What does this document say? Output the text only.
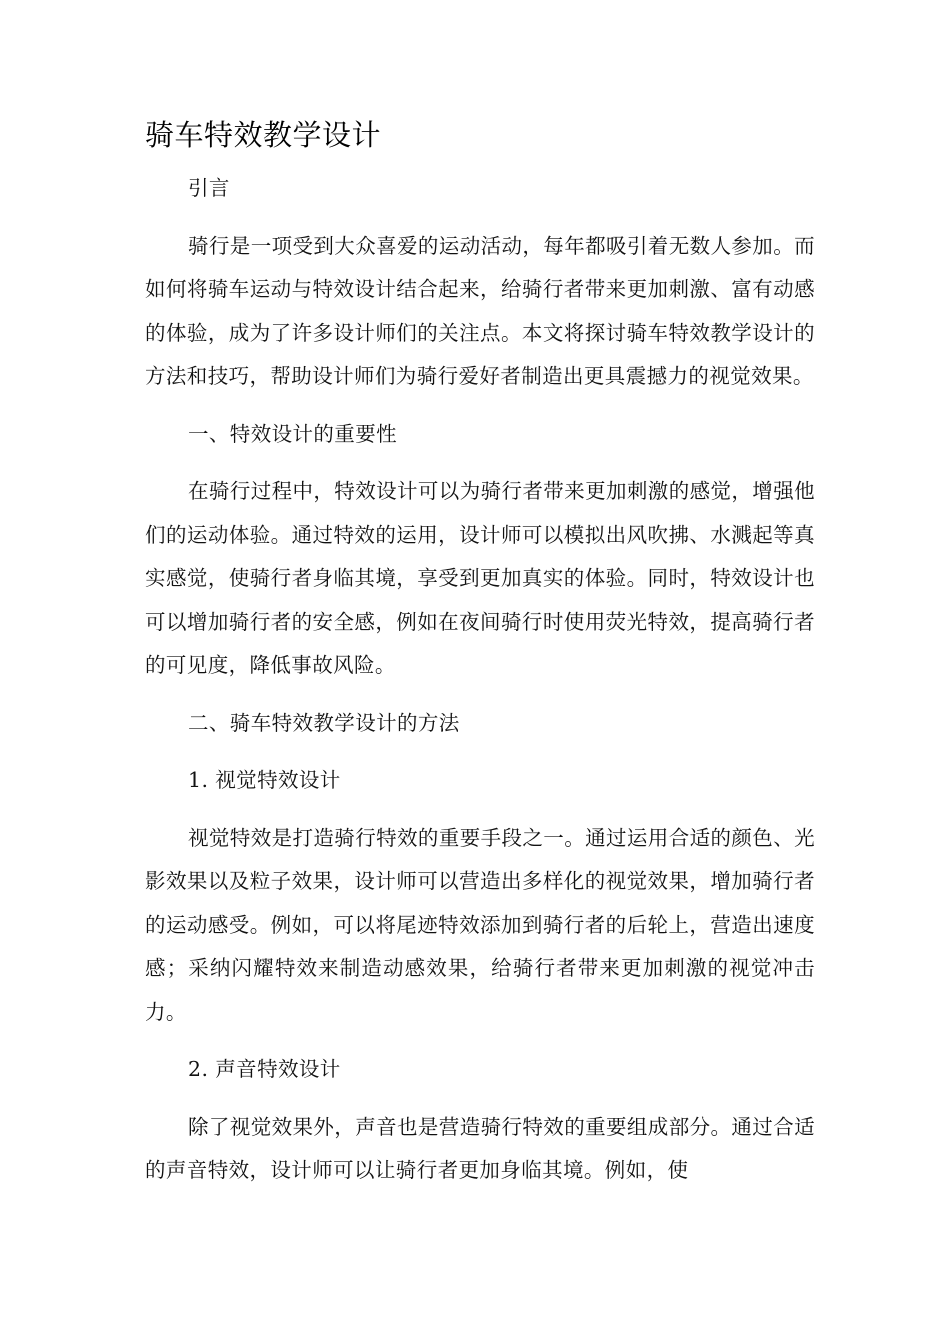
骑车特效教学设计

引言

骑行是一项受到大众喜爱的运动活动，每年都吸引着无数人参加。而如何将骑车运动与特效设计结合起来，给骑行者带来更加刺激、富有动感的体验，成为了许多设计师们的关注点。本文将探讨骑车特效教学设计的方法和技巧，帮助设计师们为骑行爱好者制造出更具震撼力的视觉效果。

一、特效设计的重要性

在骑行过程中，特效设计可以为骑行者带来更加刺激的感觉，增强他们的运动体验。通过特效的运用，设计师可以模拟出风吹拂、水溅起等真实感觉，使骑行者身临其境，享受到更加真实的体验。同时，特效设计也可以增加骑行者的安全感，例如在夜间骑行时使用荧光特效，提高骑行者的可见度，降低事故风险。

二、骑车特效教学设计的方法

1. 视觉特效设计

视觉特效是打造骑行特效的重要手段之一。通过运用合适的颜色、光影效果以及粒子效果，设计师可以营造出多样化的视觉效果，增加骑行者的运动感受。例如，可以将尾迹特效添加到骑行者的后轮上，营造出速度感；采纳闪耀特效来制造动感效果，给骑行者带来更加刺激的视觉冲击力。

2. 声音特效设计

除了视觉效果外，声音也是营造骑行特效的重要组成部分。通过合适的声音特效，设计师可以让骑行者更加身临其境。例如，使
